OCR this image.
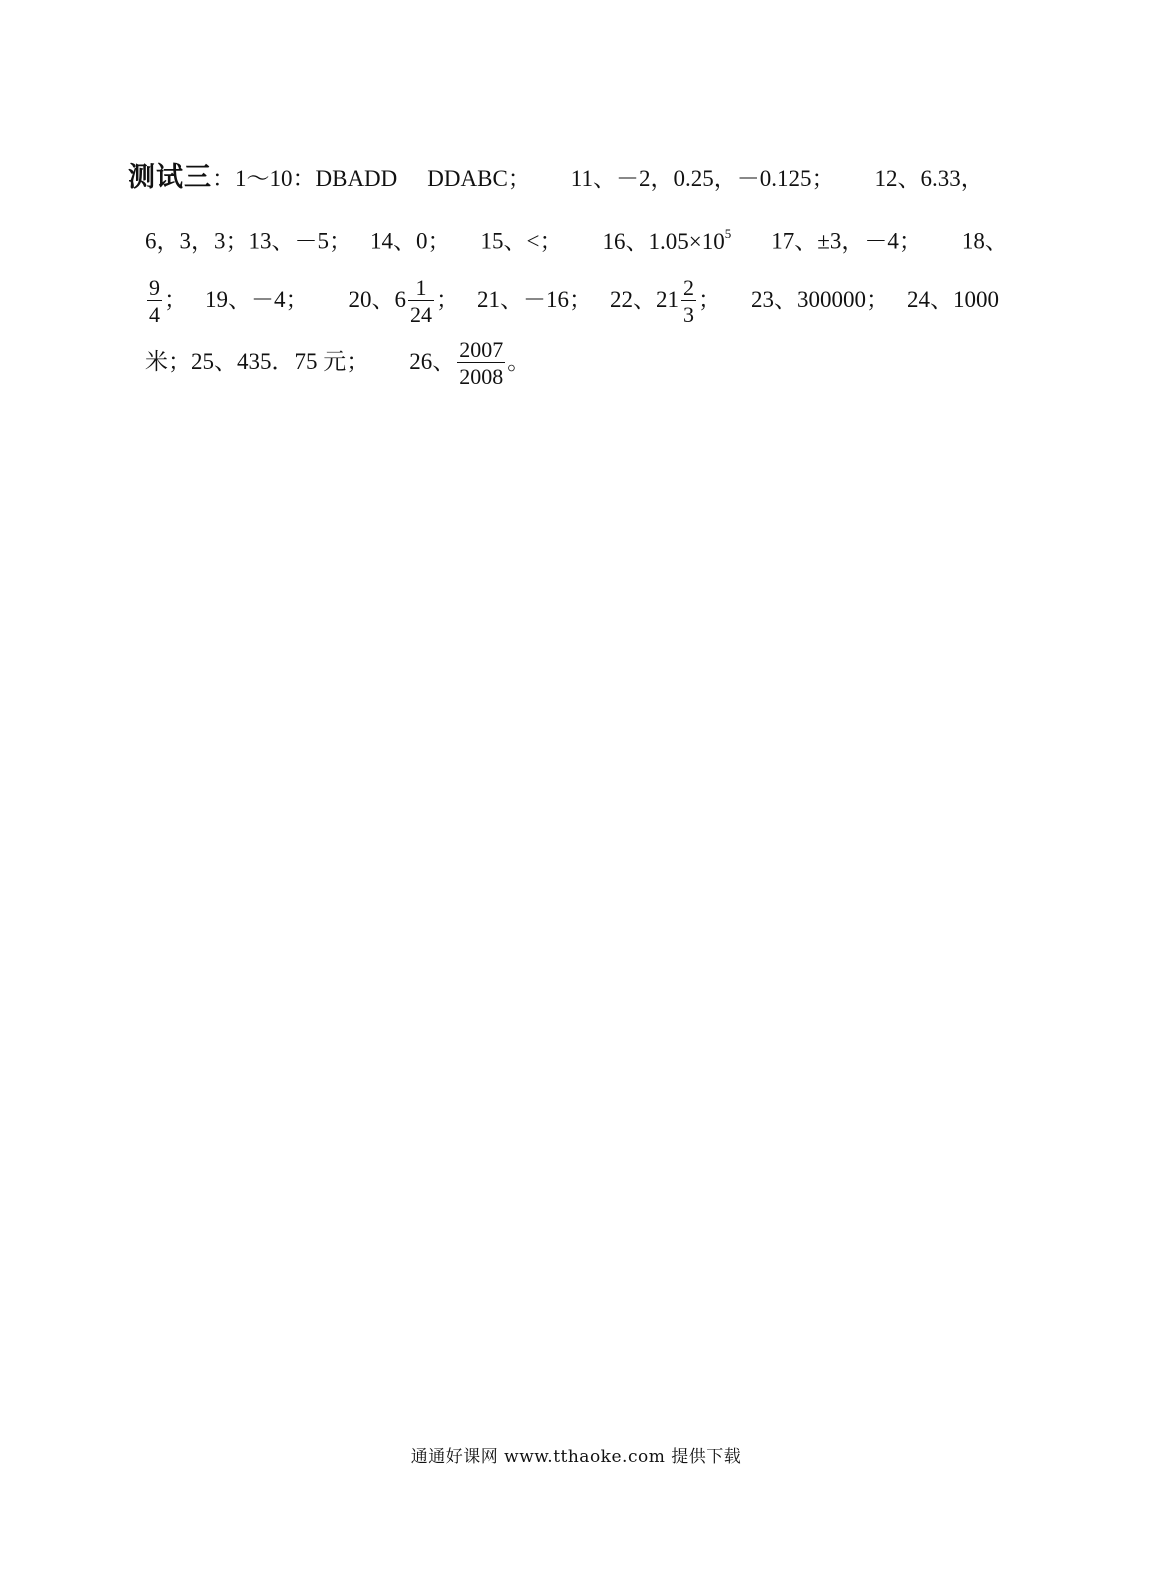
测试三：1～10：DBADD DDABC； 11、－2，0.25，－0.125； 12、6.33，
6，3，3；13、－5； 14、0； 15、<； 16、$1.05\times 10^5$ 17、±3，－4； 18、
$\frac{9}{4}$ ； 19、－4； 20、$6 \frac{1}{24}$ ； 21、－16； 22、$21 \frac{2}{3}$ ； 23、300000； 24、1000
米；25、435．75 元； 26、 $\frac{2007}{2008}$ 。
通通好课网 www.tthaoke.com 提供下载
